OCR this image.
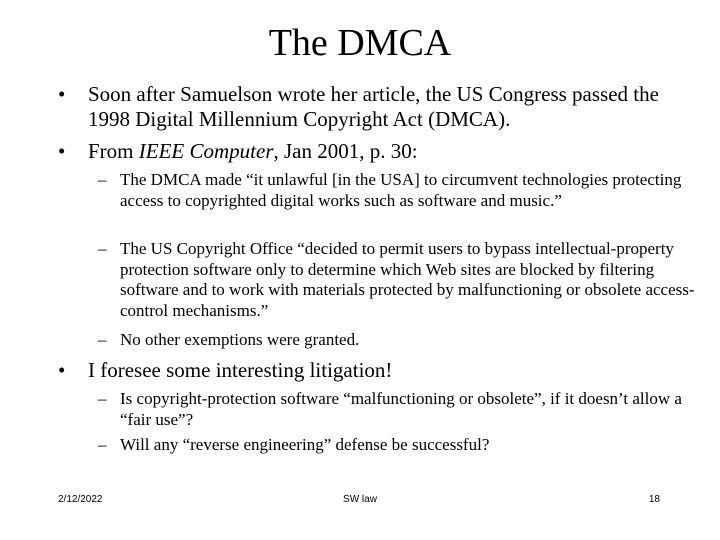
The DMCA
•	Soon after Samuelson wrote her article, the US Congress passed the 1998 Digital Millennium Copyright Act (DMCA).
•	From IEEE Computer, Jan 2001, p. 30:
– The DMCA made “it unlawful [in the USA] to circumvent technologies protecting access to copyrighted digital works such as software and music.”
– The US Copyright Office “decided to permit users to bypass intellectual-property protection software only to determine which Web sites are blocked by filtering software and to work with materials protected by malfunctioning or obsolete access-control mechanisms.”
– No other exemptions were granted.
•	I foresee some interesting litigation!
– Is copyright-protection software “malfunctioning or obsolete”, if it doesn’t allow a “fair use”?
– Will any “reverse engineering” defense be successful?
2/12/2022	SW law	18
